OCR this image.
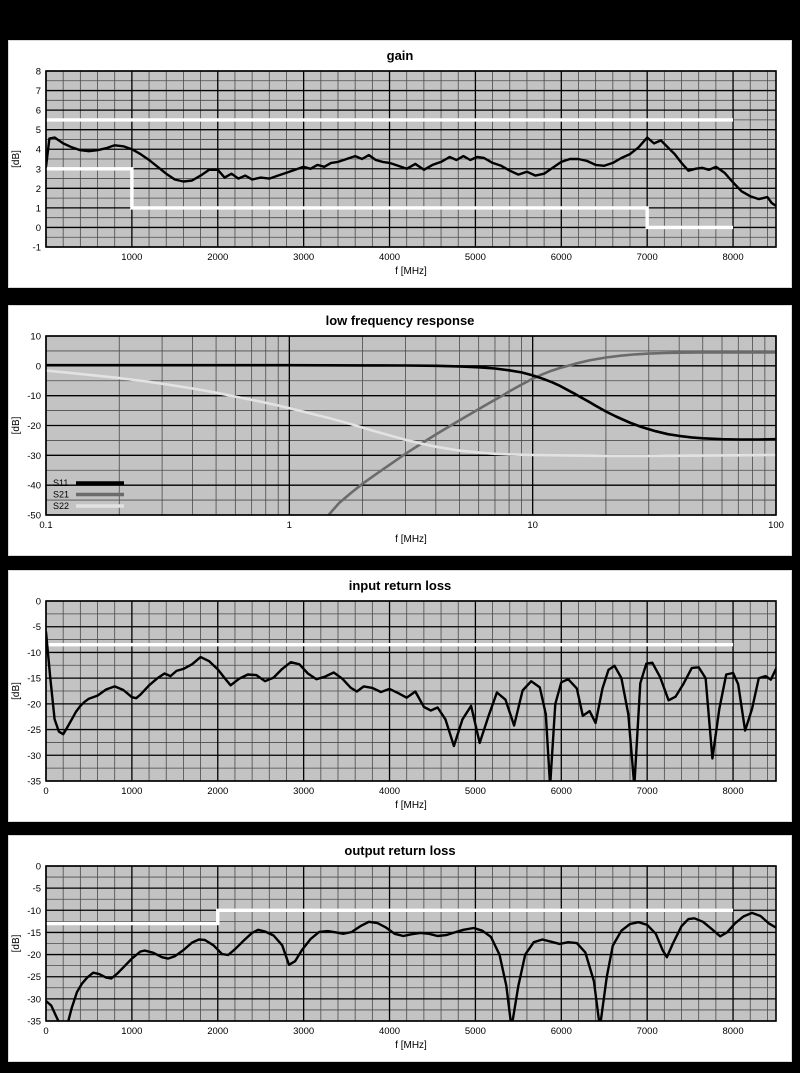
gain
8
7
6
5
4
3
2
1
0
-1
1000	2000	3000	4000	5000	6000	7000	8000
f [MHz]
[dB]
low frequency response
S11
S21
S22
10
0
-10
-20
-30
-40
-50
0.1	1	10	100
f [MHz]
[dB]
input return loss
0
-5
-10
-15
-20
-25
-30
-35
0	1000	2000	3000	4000	5000	6000	7000	8000
f [MHz]
[dB]
output return loss
0
-5
-10
-15
-20
-25
-30
-35
0	1000	2000	3000	4000	5000	6000	7000	8000
f [MHz]
[dB]
